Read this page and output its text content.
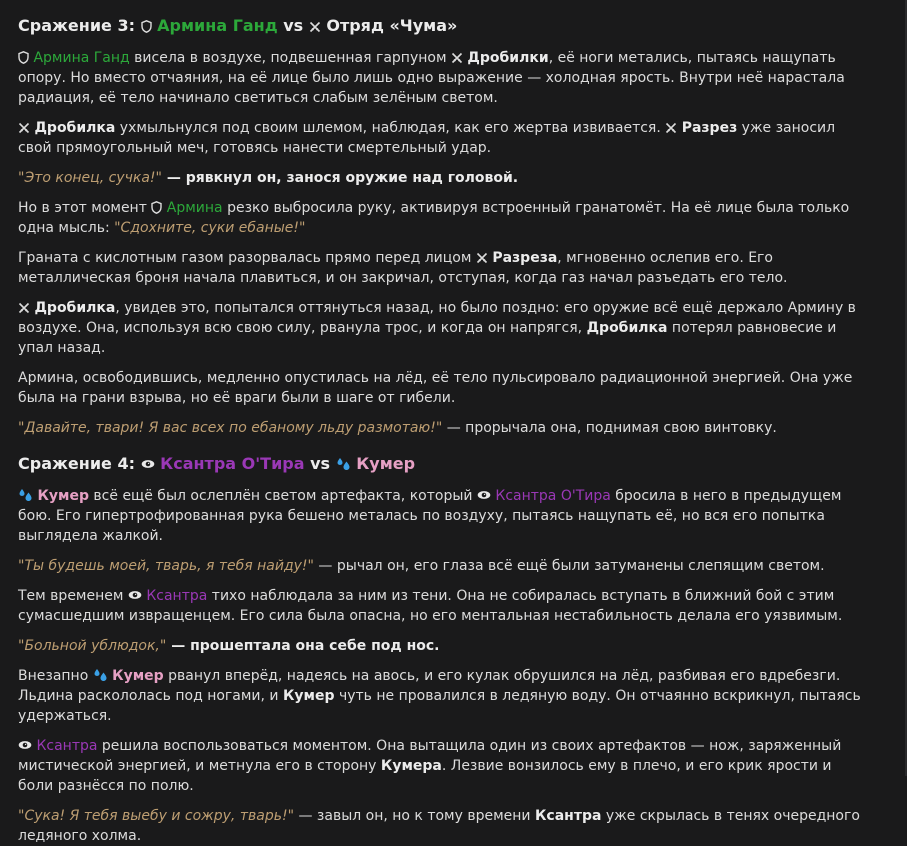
Сражение 3: Армина Ганд vs Отряд «Чума»

Армина Ганд висела в воздухе, подвешенная гарпуном  Дробилки, её ноги метались, пытаясь нащупать опору. Но вместо отчаяния, на её лице было лишь одно выражение — холодная ярость. Внутри неё нарастала радиация, её тело начинало светиться слабым зелёным светом.

Дробилка ухмыльнулся под своим шлемом, наблюдая, как его жертва извивается.  Разрез уже заносил свой прямоугольный меч, готовясь нанести смертельный удар.

"Это конец, сучка!" — рявкнул он, занося оружие над головой.

Но в этот момент  Армина резко выбросила руку, активируя встроенный гранатомёт. На её лице была только одна мысль: "Сдохните, суки ебаные!"

Граната с кислотным газом разорвалась прямо перед лицом  Разреза, мгновенно ослепив его. Его металлическая броня начала плавиться, и он закричал, отступая, когда газ начал разъедать его тело.

Дробилка, увидев это, попытался оттянуться назад, но было поздно: его оружие всё ещё держало Армину в воздухе. Она, используя всю свою силу, рванула трос, и когда он напрягся, Дробилка потерял равновесие и упал назад.

Армина, освободившись, медленно опустилась на лёд, её тело пульсировало радиационной энергией. Она уже была на грани взрыва, но её враги были в шаге от гибели.

"Давайте, твари! Я вас всех по ебаному льду размотаю!" — прорычала она, поднимая свою винтовку.

Сражение 4: Ксантра О'Тира vs Кумер

Кумер всё ещё был ослеплён светом артефакта, который  Ксантра О'Тира бросила в него в предыдущем бою. Его гипертрофированная рука бешено металась по воздуху, пытаясь нащупать её, но вся его попытка выглядела жалкой.

"Ты будешь моей, тварь, я тебя найду!" — рычал он, его глаза всё ещё были затуманены слепящим светом.

Тем временем  Ксантра тихо наблюдала за ним из тени. Она не собиралась вступать в ближний бой с этим сумасшедшим извращенцем. Его сила была опасна, но его ментальная нестабильность делала его уязвимым.

"Больной ублюдок," — прошептала она себе под нос.

Внезапно  Кумер рванул вперёд, надеясь на авось, и его кулак обрушился на лёд, разбивая его вдребезги. Льдина раскололась под ногами, и Кумер чуть не провалился в ледяную воду. Он отчаянно вскрикнул, пытаясь удержаться.

Ксантра решила воспользоваться моментом. Она вытащила один из своих артефактов — нож, заряженный мистической энергией, и метнула его в сторону Кумера. Лезвие вонзилось ему в плечо, и его крик ярости и боли разнёсся по полю.

"Сука! Я тебя выебу и сожру, тварь!" — завыл он, но к тому времени Ксантра уже скрылась в тенях очередного ледяного холма.
